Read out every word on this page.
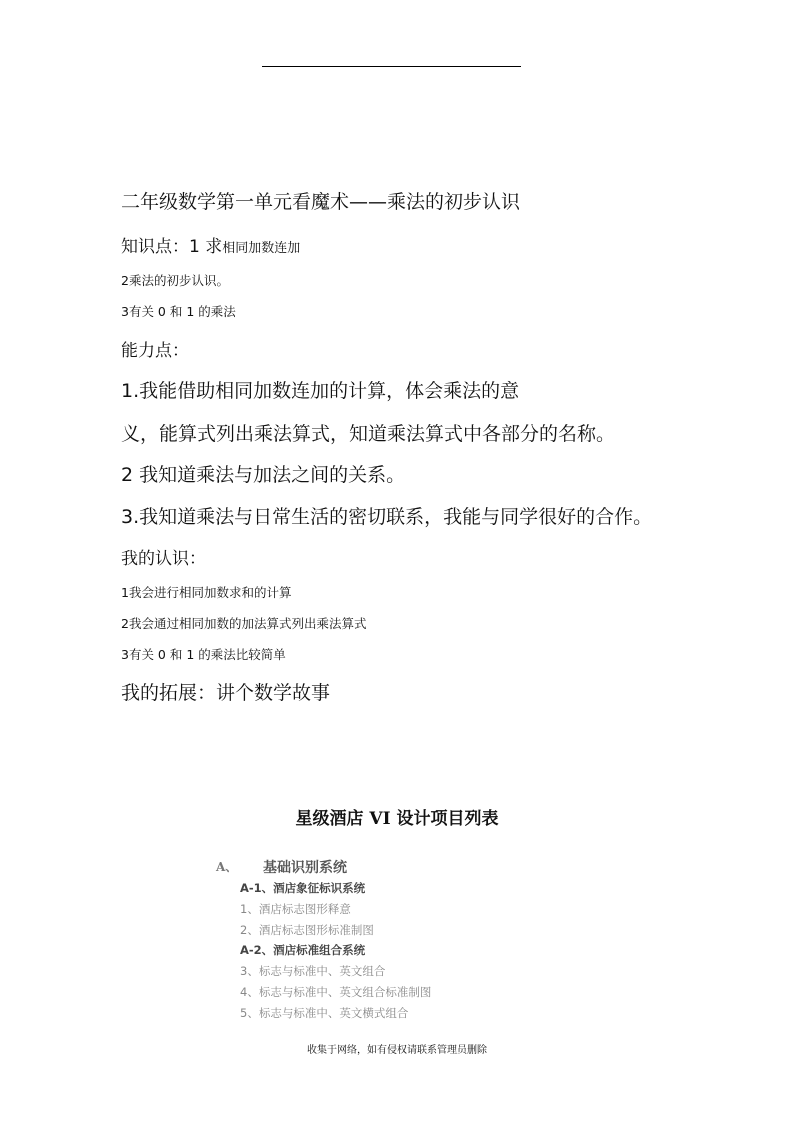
二年级数学第一单元看魔术——乘法的初步认识
知识点：1 求相同加数连加
2乘法的初步认识。
3有关 0 和 1 的乘法
能力点：
1.我能借助相同加数连加的计算，体会乘法的意
义，能算式列出乘法算式，知道乘法算式中各部分的名称。
2 我知道乘法与加法之间的关系。
3.我知道乘法与日常生活的密切联系，我能与同学很好的合作。
我的认识：
1我会进行相同加数求和的计算
2我会通过相同加数的加法算式列出乘法算式
3有关 0 和 1 的乘法比较简单
我的拓展：讲个数学故事
星级酒店 VI 设计项目列表
A、 基础识别系统
A-1、酒店象征标识系统
1、酒店标志图形释意
2、酒店标志图形标准制图
A-2、酒店标准组合系统
3、标志与标准中、英文组合
4、标志与标准中、英文组合标准制图
5、标志与标准中、英文横式组合
收集于网络，如有侵权请联系管理员删除
